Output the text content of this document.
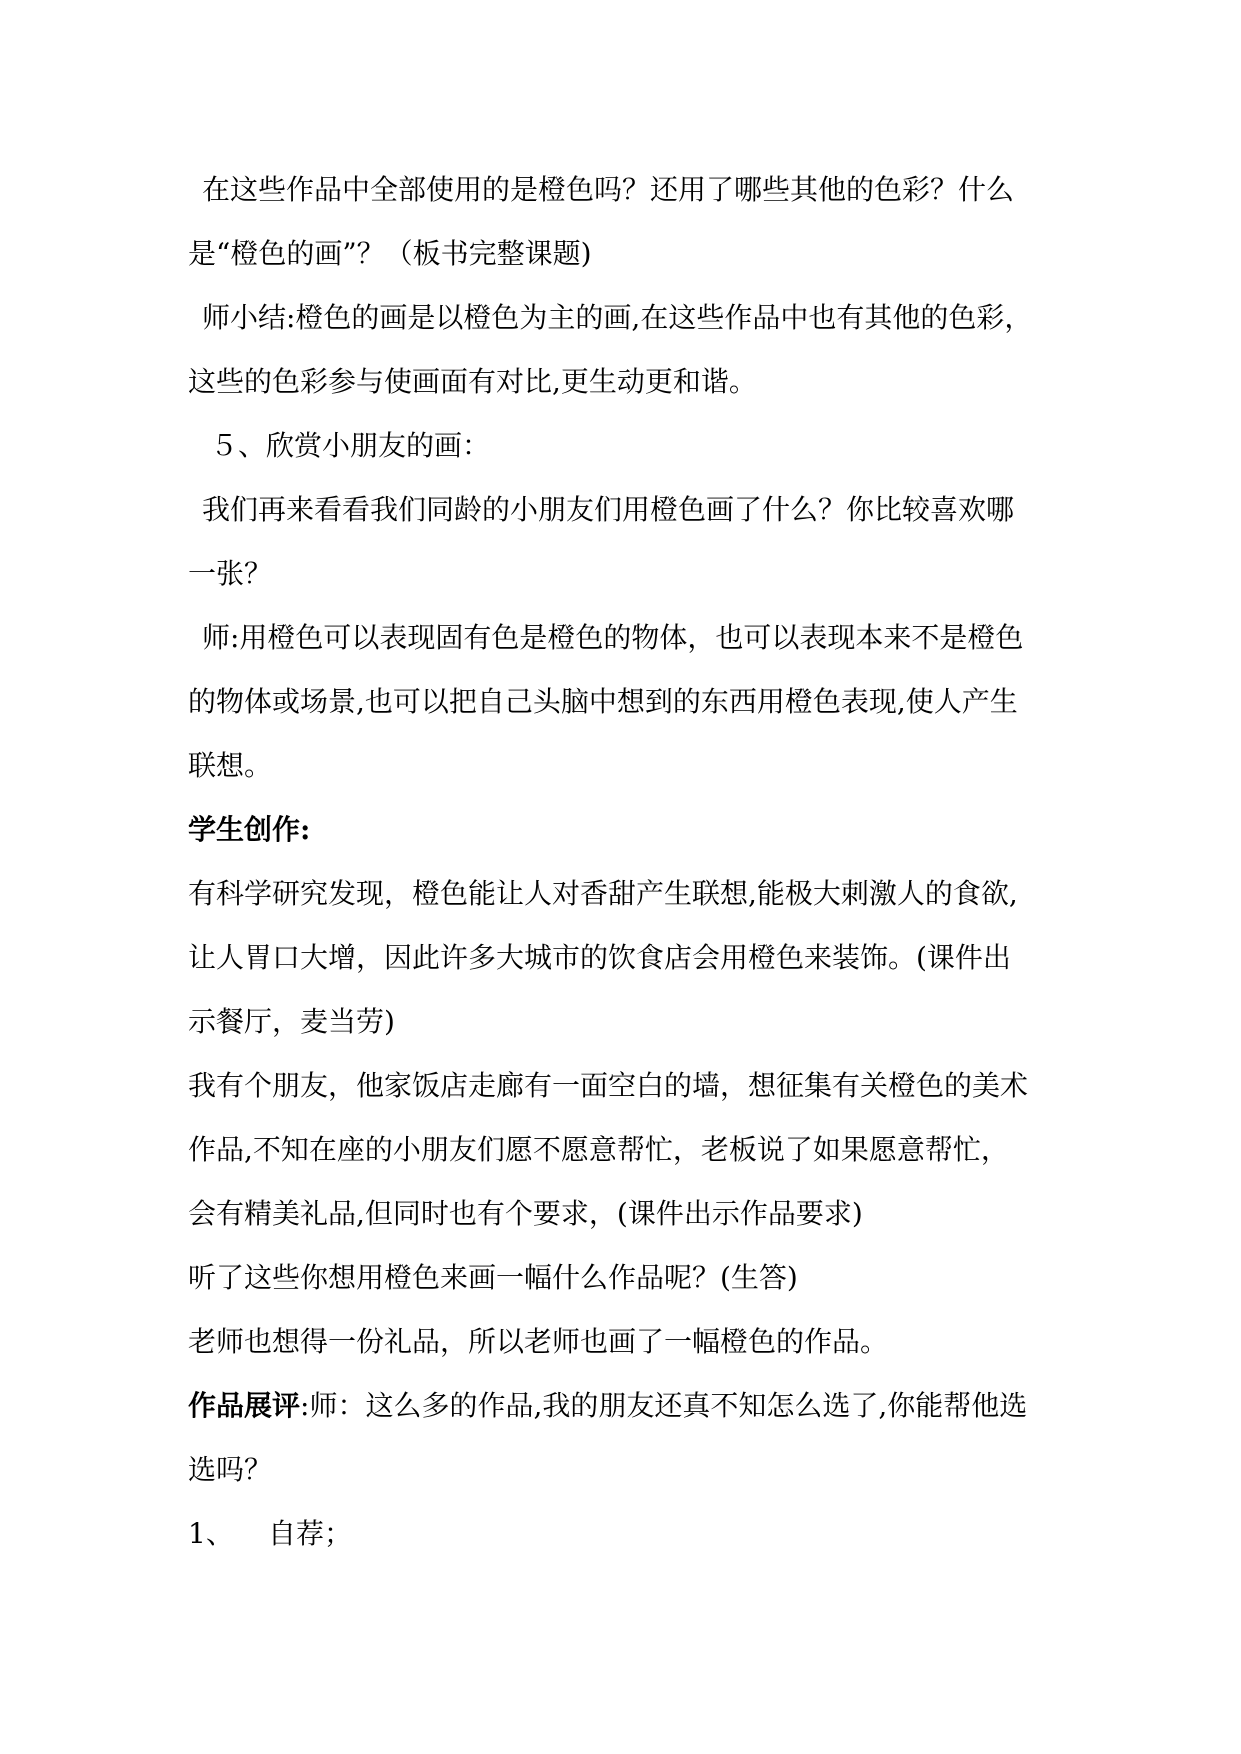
在这些作品中全部使用的是橙色吗？还用了哪些其他的色彩？什么
是“橙色的画”？（板书完整课题)
师小结:橙色的画是以橙色为主的画,在这些作品中也有其他的色彩，
这些的色彩参与使画面有对比,更生动更和谐。
５、欣赏小朋友的画：
我们再来看看我们同龄的小朋友们用橙色画了什么？你比较喜欢哪
一张？
师:用橙色可以表现固有色是橙色的物体，也可以表现本来不是橙色
的物体或场景,也可以把自己头脑中想到的东西用橙色表现,使人产生
联想。
学生创作:
有科学研究发现，橙色能让人对香甜产生联想,能极大刺激人的食欲,
让人胃口大增，因此许多大城市的饮食店会用橙色来装饰。(课件出
示餐厅，麦当劳)
我有个朋友，他家饭店走廊有一面空白的墙，想征集有关橙色的美术
作品,不知在座的小朋友们愿不愿意帮忙，老板说了如果愿意帮忙，
会有精美礼品,但同时也有个要求，(课件出示作品要求)
听了这些你想用橙色来画一幅什么作品呢？(生答)
老师也想得一份礼品，所以老师也画了一幅橙色的作品。
作品展评:师：这么多的作品,我的朋友还真不知怎么选了,你能帮他选
选吗？
1、 自荐；
